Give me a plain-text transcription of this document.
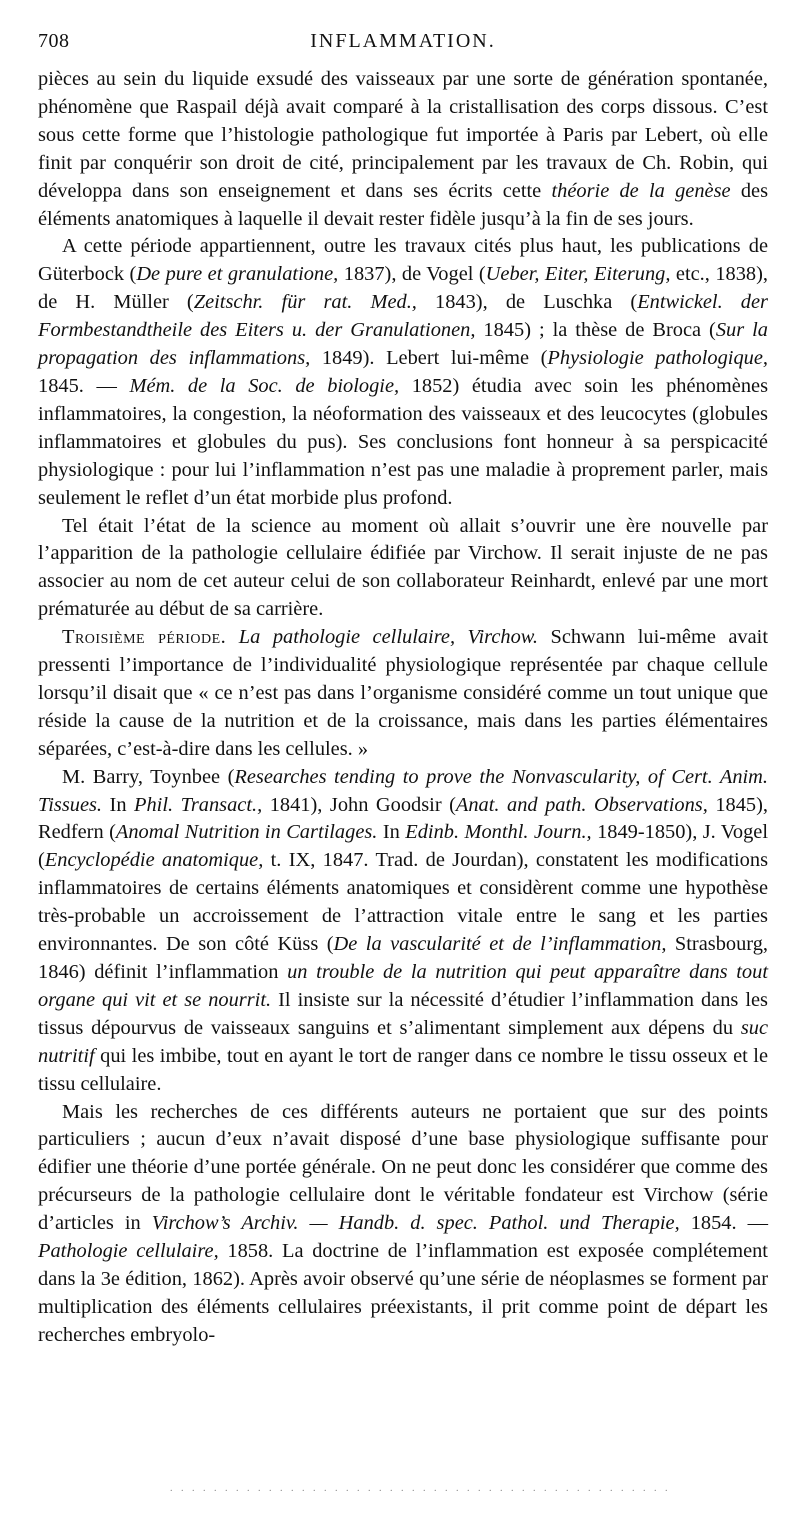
708	INFLAMMATION.

pièces au sein du liquide exsudé des vaisseaux par une sorte de génération spontanée, phénomène que Raspail déjà avait comparé à la cristallisation des corps dissous. C’est sous cette forme que l’histologie pathologique fut importée à Paris par Lebert, où elle finit par conquérir son droit de cité, principalement par les travaux de Ch. Robin, qui développa dans son enseignement et dans ses écrits cette théorie de la genèse des éléments anatomiques à laquelle il devait rester fidèle jusqu’à la fin de ses jours.

A cette période appartiennent, outre les travaux cités plus haut, les publications de Güterbock (De pure et granulatione, 1837), de Vogel (Ueber, Eiter, Eiterung, etc., 1838), de H. Müller (Zeitschr. für rat. Med., 1843), de Luschka (Entwickel. der Formbestandtheile des Eiters u. der Granulationen, 1845) ; la thèse de Broca (Sur la propagation des inflammations, 1849). Lebert lui-même (Physiologie pathologique, 1845. — Mém. de la Soc. de biologie, 1852) étudia avec soin les phénomènes inflammatoires, la congestion, la néoformation des vaisseaux et des leucocytes (globules inflammatoires et globules du pus). Ses conclusions font honneur à sa perspicacité physiologique : pour lui l’inflammation n’est pas une maladie à proprement parler, mais seulement le reflet d’un état morbide plus profond.

Tel était l’état de la science au moment où allait s’ouvrir une ère nouvelle par l’apparition de la pathologie cellulaire édifiée par Virchow. Il serait injuste de ne pas associer au nom de cet auteur celui de son collaborateur Reinhardt, enlevé par une mort prématurée au début de sa carrière.

Troisième période. La pathologie cellulaire, Virchow. Schwann lui-même avait pressenti l’importance de l’individualité physiologique représentée par chaque cellule lorsqu’il disait que « ce n’est pas dans l’organisme considéré comme un tout unique que réside la cause de la nutrition et de la croissance, mais dans les parties élémentaires séparées, c’est-à-dire dans les cellules. »

M. Barry, Toynbee (Researches tending to prove the Nonvascularity, of Cert. Anim. Tissues. In Phil. Transact., 1841), John Goodsir (Anat. and path. Observations, 1845), Redfern (Anomal Nutrition in Cartilages. In Edinb. Monthl. Journ., 1849-1850), J. Vogel (Encyclopédie anatomique, t. IX, 1847. Trad. de Jourdan), constatent les modifications inflammatoires de certains éléments anatomiques et considèrent comme une hypothèse très-probable un accroissement de l’attraction vitale entre le sang et les parties environnantes. De son côté Küss (De la vascularité et de l’inflammation, Strasbourg, 1846) définit l’inflammation un trouble de la nutrition qui peut apparaître dans tout organe qui vit et se nourrit. Il insiste sur la nécessité d’étudier l’inflammation dans les tissus dépourvus de vaisseaux sanguins et s’alimentant simplement aux dépens du suc nutritif qui les imbibe, tout en ayant le tort de ranger dans ce nombre le tissu osseux et le tissu cellulaire.

Mais les recherches de ces différents auteurs ne portaient que sur des points particuliers ; aucun d’eux n’avait disposé d’une base physiologique suffisante pour édifier une théorie d’une portée générale. On ne peut donc les considérer que comme des précurseurs de la pathologie cellulaire dont le véritable fondateur est Virchow (série d’articles in Virchow’s Archiv. — Handb. d. spec. Pathol. und Therapie, 1854. — Pathologie cellulaire, 1858. La doctrine de l’inflammation est exposée complétement dans la 3e édition, 1862). Après avoir observé qu’une série de néoplasmes se forment par multiplication des éléments cellulaires préexistants, il prit comme point de départ les recherches embryolo-

. . . . . . . . . . . . . . . . . . . . . . . . . . . . . . . . . . . . . . . . . . . . . .
